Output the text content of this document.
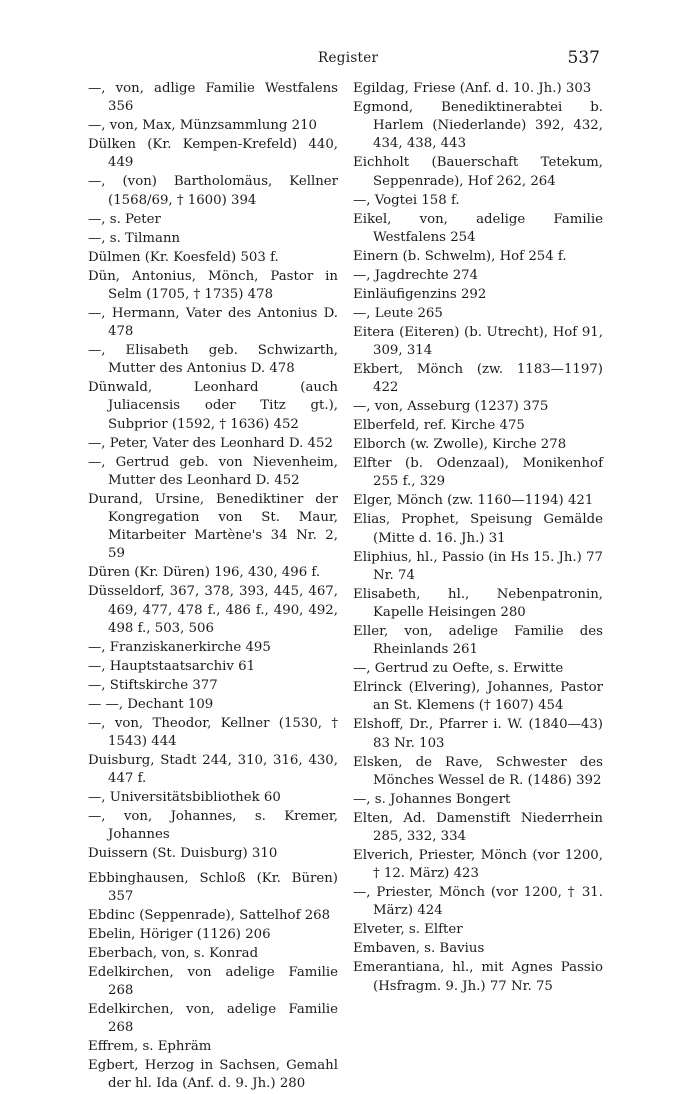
Register	537

—, von, adlige Familie Westfalens 356

—, von, Max, Münzsammlung 210

Dülken (Kr. Kempen-Krefeld) 440, 449

—, (von) Bartholomäus, Kellner (1568/69, † 1600) 394

—, s. Peter

—, s. Tilmann

Dülmen (Kr. Koesfeld) 503 f.

Dün, Antonius, Mönch, Pastor in Selm (1705, † 1735) 478

—, Hermann, Vater des Antonius D. 478

—, Elisabeth geb. Schwizarth, Mutter des Antonius D. 478

Dünwald, Leonhard (auch Juliacensis oder Titz gt.), Subprior (1592, † 1636) 452

—, Peter, Vater des Leonhard D. 452

—, Gertrud geb. von Nievenheim, Mutter des Leonhard D. 452

Durand, Ursine, Benediktiner der Kongregation von St. Maur, Mitarbeiter Martène's 34 Nr. 2, 59

Düren (Kr. Düren) 196, 430, 496 f.

Düsseldorf, 367, 378, 393, 445, 467, 469, 477, 478 f., 486 f., 490, 492, 498 f., 503, 506

—, Franziskanerkirche 495

—, Hauptstaatsarchiv 61

—, Stiftskirche 377

— —, Dechant 109

—, von, Theodor, Kellner (1530, † 1543) 444

Duisburg, Stadt 244, 310, 316, 430, 447 f.

—, Universitätsbibliothek 60

—, von, Johannes, s. Kremer, Johannes

Duissern (St. Duisburg) 310

Ebbinghausen, Schloß (Kr. Büren) 357

Ebdinc (Seppenrade), Sattelhof 268

Ebelin, Höriger (1126) 206

Eberbach, von, s. Konrad

Edelkirchen, von adelige Familie 268

Edelkirchen, von, adelige Familie 268

Effrem, s. Ephräm

Egbert, Herzog in Sachsen, Gemahl der hl. Ida (Anf. d. 9. Jh.) 280

Egildag, Friese (Anf. d. 10. Jh.) 303

Egmond, Benediktinerabtei b. Harlem (Niederlande) 392, 432, 434, 438, 443

Eichholt (Bauerschaft Tetekum, Seppenrade), Hof 262, 264

—, Vogtei 158 f.

Eikel, von, adelige Familie Westfalens 254

Einern (b. Schwelm), Hof 254 f.

—, Jagdrechte 274

Einläufigenzins 292

—, Leute 265

Eitera (Eiteren) (b. Utrecht), Hof 91, 309, 314

Ekbert, Mönch (zw. 1183—1197) 422

—, von, Asseburg (1237) 375

Elberfeld, ref. Kirche 475

Elborch (w. Zwolle), Kirche 278

Elfter (b. Odenzaal), Monikenhof 255 f., 329

Elger, Mönch (zw. 1160—1194) 421

Elias, Prophet, Speisung Gemälde (Mitte d. 16. Jh.) 31

Eliphius, hl., Passio (in Hs 15. Jh.) 77 Nr. 74

Elisabeth, hl., Nebenpatronin, Kapelle Heisingen 280

Eller, von, adelige Familie des Rheinlands 261

—, Gertrud zu Oefte, s. Erwitte

Elrinck (Elvering), Johannes, Pastor an St. Klemens († 1607) 454

Elshoff, Dr., Pfarrer i. W. (1840—43) 83 Nr. 103

Elsken, de Rave, Schwester des Mönches Wessel de R. (1486) 392

—, s. Johannes Bongert

Elten, Ad. Damenstift Niederrhein 285, 332, 334

Elverich, Priester, Mönch (vor 1200, † 12. März) 423

—, Priester, Mönch (vor 1200, † 31. März) 424

Elveter, s. Elfter

Embaven, s. Bavius

Emerantiana, hl., mit Agnes Passio (Hsfragm. 9. Jh.) 77 Nr. 75
